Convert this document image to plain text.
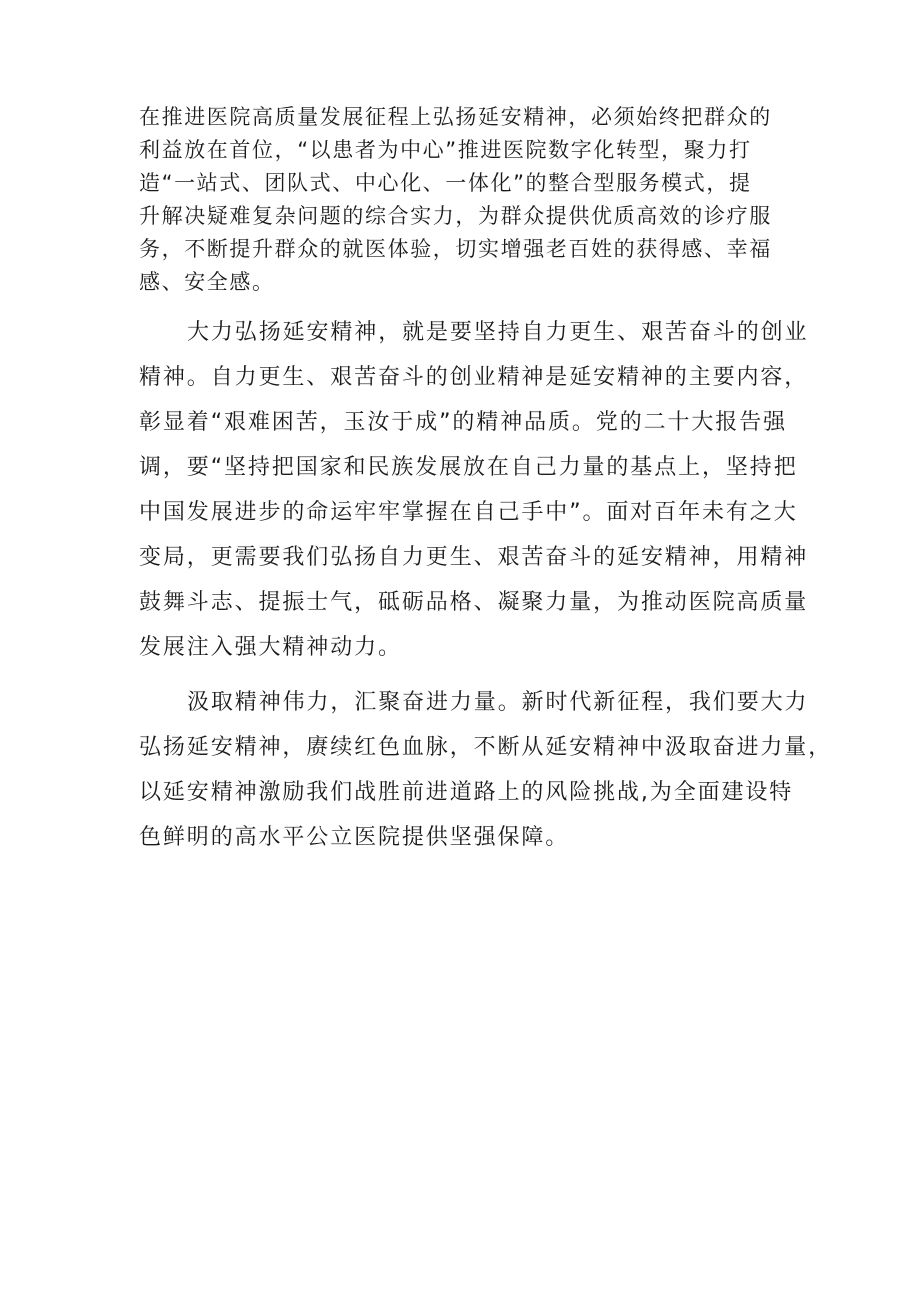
在推进医院高质量发展征程上弘扬延安精神，必须始终把群众的
利益放在首位，“以患者为中心”推进医院数字化转型，聚力打
造“一站式、团队式、中心化、一体化”的整合型服务模式，提
升解决疑难复杂问题的综合实力，为群众提供优质高效的诊疗服
务，不断提升群众的就医体验，切实增强老百姓的获得感、幸福
感、安全感。
大力弘扬延安精神，就是要坚持自力更生、艰苦奋斗的创业
精神。自力更生、艰苦奋斗的创业精神是延安精神的主要内容，
彰显着“艰难困苦，玉汝于成”的精神品质。党的二十大报告强
调，要“坚持把国家和民族发展放在自己力量的基点上，坚持把
中国发展进步的命运牢牢掌握在自己手中”。面对百年未有之大
变局，更需要我们弘扬自力更生、艰苦奋斗的延安精神，用精神
鼓舞斗志、提振士气，砥砺品格、凝聚力量，为推动医院高质量
发展注入强大精神动力。
汲取精神伟力，汇聚奋进力量。新时代新征程，我们要大力
弘扬延安精神，赓续红色血脉，不断从延安精神中汲取奋进力量，
以延安精神激励我们战胜前进道路上的风险挑战,为全面建设特
色鲜明的高水平公立医院提供坚强保障。
